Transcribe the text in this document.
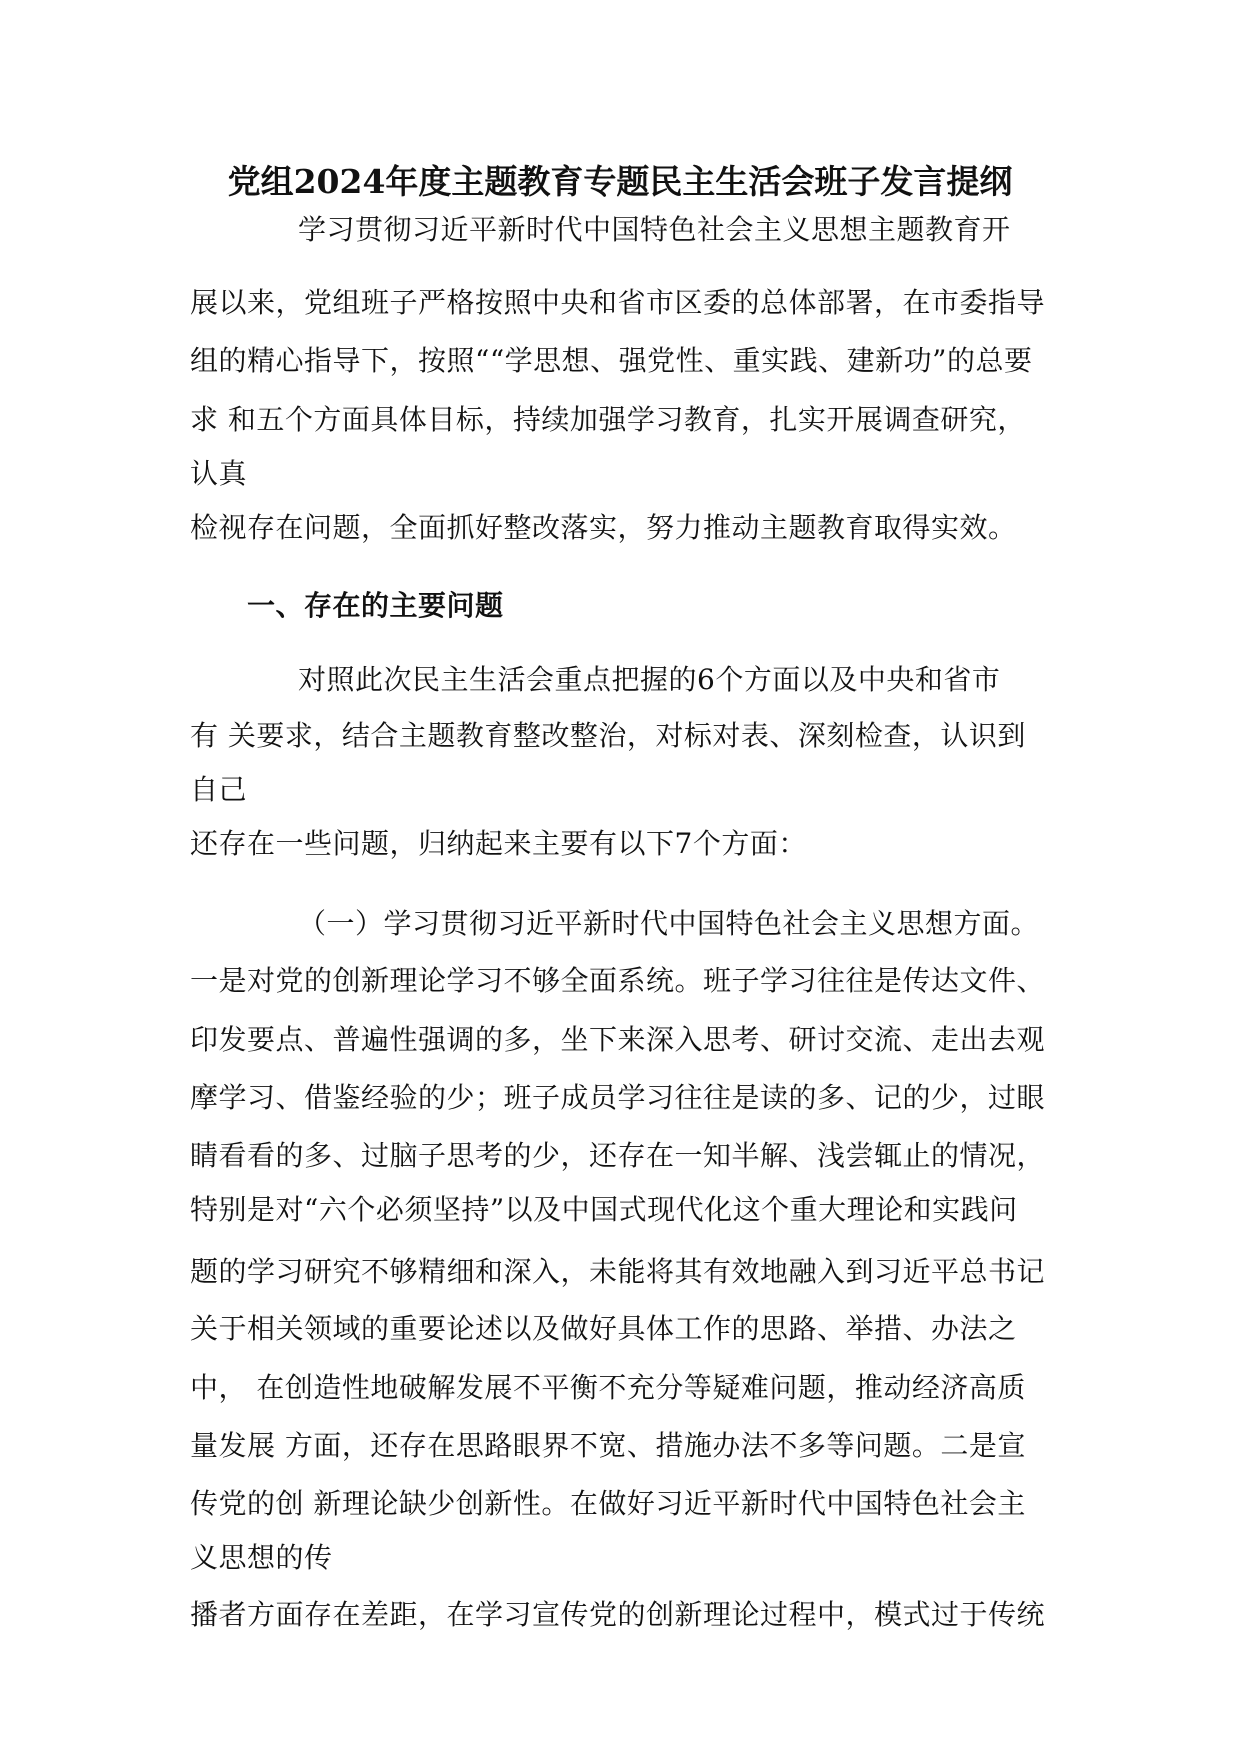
党组2024年度主题教育专题民主生活会班子发言提纲
学习贯彻习近平新时代中国特色社会主义思想主题教育开
展以来，党组班子严格按照中央和省市区委的总体部署，在市委指导
组的精心指导下，按照““学思想、强党性、重实践、建新功”的总要
求 和五个方面具体目标，持续加强学习教育，扎实开展调查研究，
认真
检视存在问题，全面抓好整改落实，努力推动主题教育取得实效。
一、存在的主要问题
对照此次民主生活会重点把握的6个方面以及中央和省市
有 关要求，结合主题教育整改整治，对标对表、深刻检查，认识到
自己
还存在一些问题，归纳起来主要有以下7个方面：
（一）学习贯彻习近平新时代中国特色社会主义思想方面。
一是对党的创新理论学习不够全面系统。班子学习往往是传达文件、
印发要点、普遍性强调的多，坐下来深入思考、研讨交流、走出去观
摩学习、借鉴经验的少；班子成员学习往往是读的多、记的少，过眼
睛看看的多、过脑子思考的少，还存在一知半解、浅尝辄止的情况，
特别是对“六个必须坚持”以及中国式现代化这个重大理论和实践问
题的学习研究不够精细和深入，未能将其有效地融入到习近平总书记
关于相关领域的重要论述以及做好具体工作的思路、举措、办法之
中， 在创造性地破解发展不平衡不充分等疑难问题，推动经济高质
量发展 方面，还存在思路眼界不宽、措施办法不多等问题。二是宣
传党的创 新理论缺少创新性。在做好习近平新时代中国特色社会主
义思想的传
播者方面存在差距，在学习宣传党的创新理论过程中，模式过于传统
